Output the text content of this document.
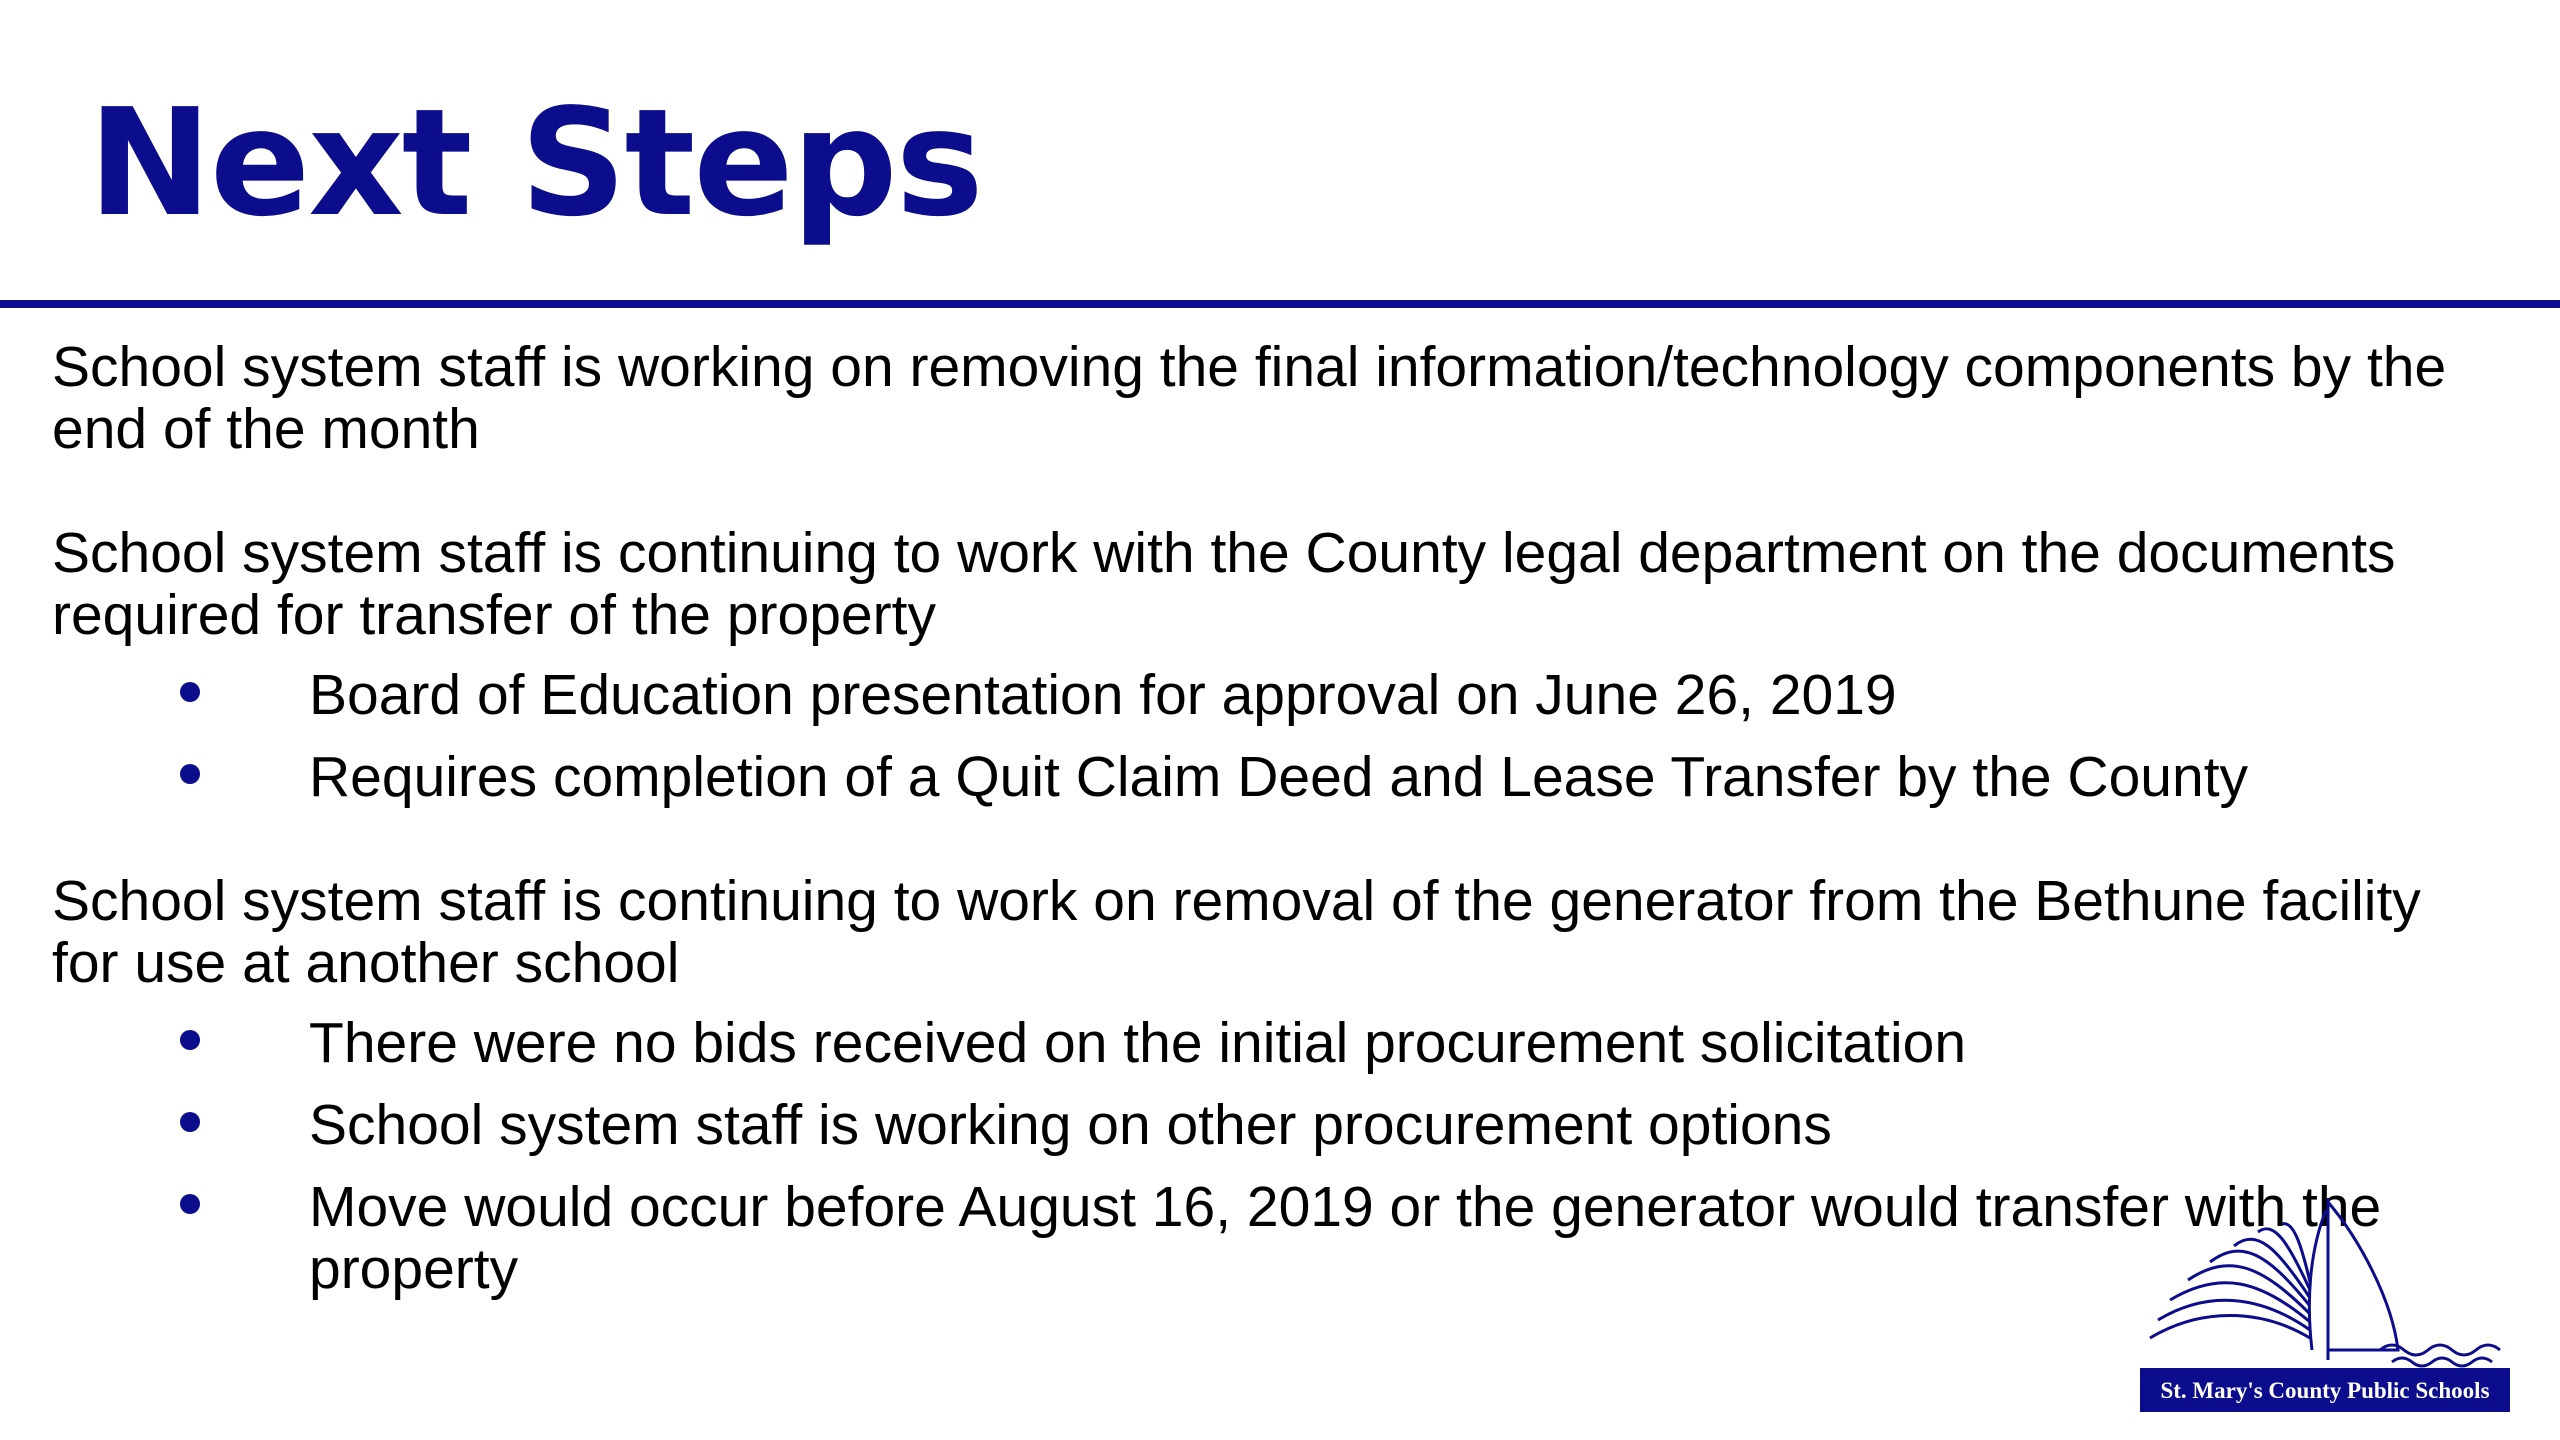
Next Steps

School system staff is working on removing the final information/technology components by the end of the month

School system staff is continuing to work with the County legal department on the documents required for transfer of the property

Board of Education presentation for approval on June 26, 2019
Requires completion of a Quit Claim Deed and Lease Transfer by the County

School system staff is continuing to work on removal of the generator from the Bethune facility for use at another school

There were no bids received on the initial procurement solicitation
School system staff is working on other procurement options
Move would occur before August 16, 2019 or the generator would transfer with the property
St. Mary's County Public Schools
